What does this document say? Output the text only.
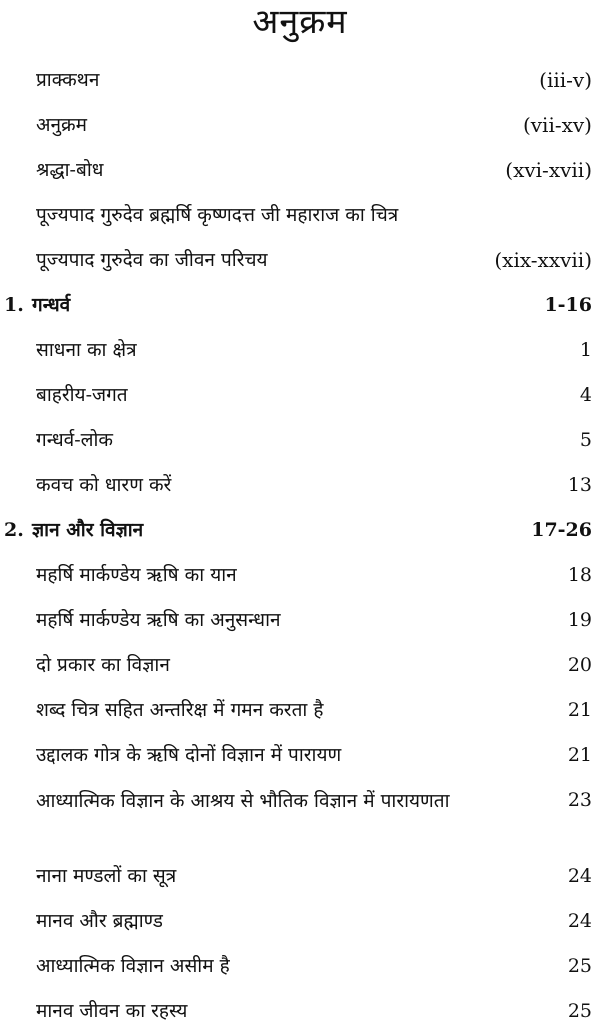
अनुक्रम
प्राक्कथन	(iii-v)
अनुक्रम	(vii-xv)
श्रद्धा-बोध	(xvi-xvii)
पूज्यपाद गुरुदेव ब्रह्मर्षि कृष्णदत्त जी महाराज का चित्र
पूज्यपाद गुरुदेव का जीवन परिचय	(xix-xxvii)
1. गन्धर्व	1-16
साधना का क्षेत्र	1
बाहरीय-जगत	4
गन्धर्व-लोक	5
कवच को धारण करें	13
2. ज्ञान और विज्ञान	17-26
महर्षि मार्कण्डेय ऋषि का यान	18
महर्षि मार्कण्डेय ऋषि का अनुसन्धान	19
दो प्रकार का विज्ञान	20
शब्द चित्र सहित अन्तरिक्ष में गमन करता है	21
उद्दालक गोत्र के ऋषि दोनों विज्ञान में पारायण	21
आध्यात्मिक विज्ञान के आश्रय से भौतिक विज्ञान में पारायणता	23
नाना मण्डलों का सूत्र	24
मानव और ब्रह्माण्ड	24
आध्यात्मिक विज्ञान असीम है	25
मानव जीवन का रहस्य	25
